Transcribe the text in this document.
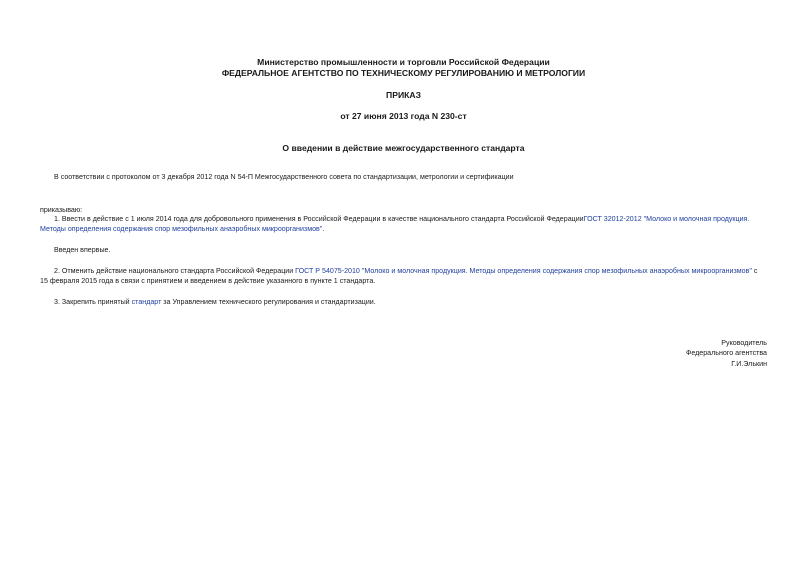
Министерство промышленности и торговли Российской Федерации
ФЕДЕРАЛЬНОЕ АГЕНТСТВО ПО ТЕХНИЧЕСКОМУ РЕГУЛИРОВАНИЮ И МЕТРОЛОГИИ
ПРИКАЗ
от 27 июня 2013 года N 230-ст
О введении в действие межгосударственного стандарта
В соответствии с протоколом от 3 декабря 2012 года N 54-П Межгосударственного совета по стандартизации, метрологии и сертификации
приказываю:
1. Ввести в действие с 1 июля 2014 года для добровольного применения в Российской Федерации в качестве национального стандарта Российской ФедерацииГОСТ 32012-2012 "Молоко и молочная продукция.
Методы определения содержания спор мезофильных анаэробных микроорганизмов".
Введен впервые.
2. Отменить действие национального стандарта Российской Федерации ГОСТ Р 54075-2010 "Молоко и молочная продукция. Методы определения содержания спор мезофильных анаэробных микроорганизмов" с
15 февраля 2015 года в связи с принятием и введением в действие указанного в пункте 1 стандарта.
3. Закрепить принятый стандарт за Управлением технического регулирования и стандартизации.
Руководитель
Федерального агентства
Г.И.Элькин
